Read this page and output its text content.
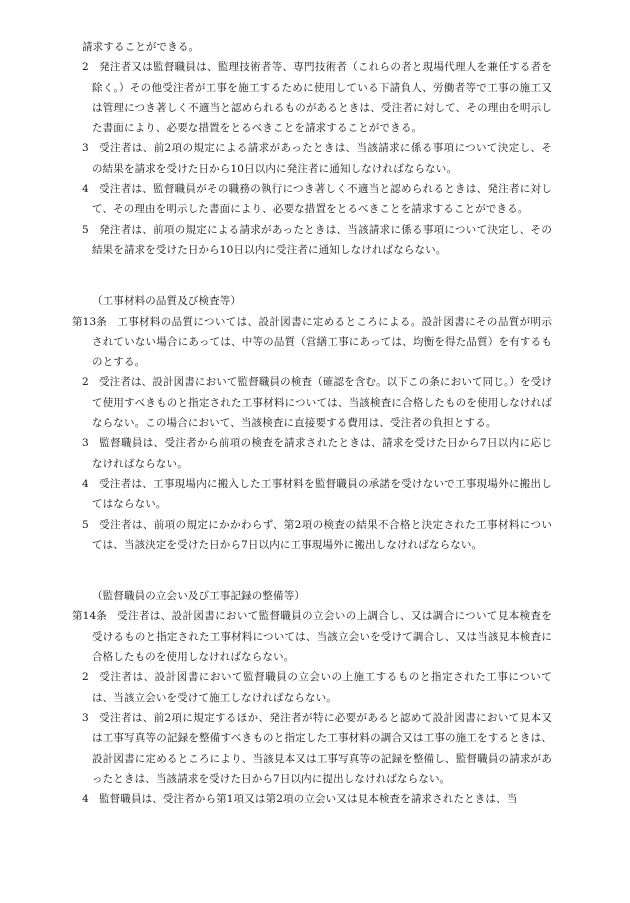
請求することができる。

2 発注者又は監督職員は、監理技術者等、専門技術者（これらの者と現場代理人を兼任する者を除く。）その他受注者が工事を施工するために使用している下請負人、労働者等で工事の施工又は管理につき著しく不適当と認められるものがあるときは、受注者に対して、その理由を明示した書面により、必要な措置をとるべきことを請求することができる。

3 受注者は、前2項の規定による請求があったときは、当該請求に係る事項について決定し、その結果を請求を受けた日から10日以内に発注者に通知しなければならない。

4 受注者は、監督職員がその職務の執行につき著しく不適当と認められるときは、発注者に対して、その理由を明示した書面により、必要な措置をとるべきことを請求することができる。

5 発注者は、前項の規定による請求があったときは、当該請求に係る事項について決定し、その結果を請求を受けた日から10日以内に受注者に通知しなければならない。

（工事材料の品質及び検査等）

第13条 工事材料の品質については、設計図書に定めるところによる。設計図書にその品質が明示されていない場合にあっては、中等の品質（営繕工事にあっては、均衡を得た品質）を有するものとする。

2 受注者は、設計図書において監督職員の検査（確認を含む。以下この条において同じ。）を受けて使用すべきものと指定された工事材料については、当該検査に合格したものを使用しなければならない。この場合において、当該検査に直接要する費用は、受注者の負担とする。

3 監督職員は、受注者から前項の検査を請求されたときは、請求を受けた日から7日以内に応じなければならない。

4 受注者は、工事現場内に搬入した工事材料を監督職員の承諾を受けないで工事現場外に搬出してはならない。

5 受注者は、前項の規定にかかわらず、第2項の検査の結果不合格と決定された工事材料については、当該決定を受けた日から7日以内に工事現場外に搬出しなければならない。

（監督職員の立会い及び工事記録の整備等）

第14条 受注者は、設計図書において監督職員の立会いの上調合し、又は調合について見本検査を受けるものと指定された工事材料については、当該立会いを受けて調合し、又は当該見本検査に合格したものを使用しなければならない。

2 受注者は、設計図書において監督職員の立会いの上施工するものと指定された工事については、当該立会いを受けて施工しなければならない。

3 受注者は、前2項に規定するほか、発注者が特に必要があると認めて設計図書において見本又は工事写真等の記録を整備すべきものと指定した工事材料の調合又は工事の施工をするときは、設計図書に定めるところにより、当該見本又は工事写真等の記録を整備し、監督職員の請求があったときは、当該請求を受けた日から7日以内に提出しなければならない。

4 監督職員は、受注者から第1項又は第2項の立会い又は見本検査を請求されたときは、当
